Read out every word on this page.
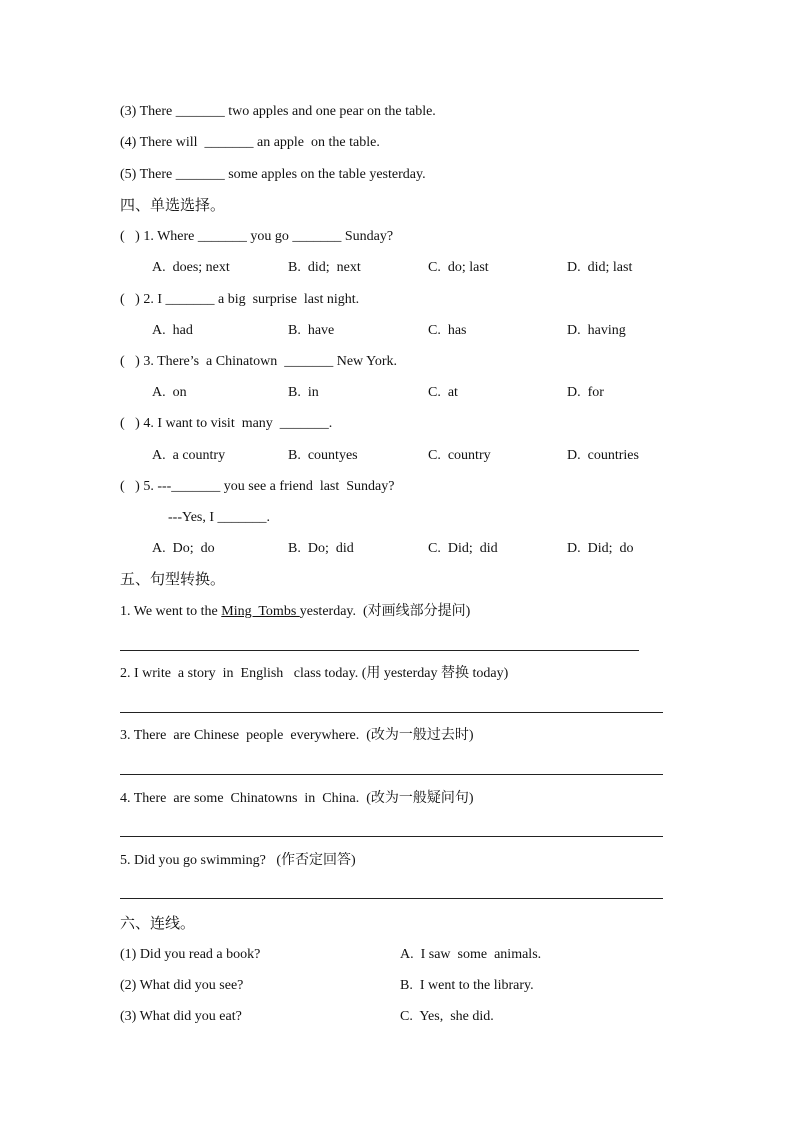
(3) There _______ two apples and one pear on the table.
(4) There will  _______ an apple  on the table.
(5) There _______ some apples on the table yesterday.
四、单选选择。
(   ) 1. Where _______ you go _______ Sunday?
A.  does; next	B.  did;  next	C.  do; last	D.  did; last
(   ) 2. I _______ a big  surprise  last night.
A.  had	B.  have	C.  has	D.  having
(   ) 3. There’s  a Chinatown  _______ New York.
A.  on	B.  in	C.  at	D.  for
(   ) 4. I want to visit  many  _______.
A.  a country	B.  countyes	C.  country	D.  countries
(   ) 5. ---_______ you see a friend  last  Sunday?
---Yes, I _______.
A.  Do;  do	B.  Do;  did	C.  Did;  did	D.  Did;  do
五、句型转换。
1. We went to the Ming  Tombs yesterday.  (对画线部分提问)
2. I write  a story  in  English   class today. (用 yesterday 替换 today)
3. There  are Chinese  people  everywhere.  (改为一般过去时)
4. There  are some  Chinatowns  in  China.  (改为一般疑问句)
5. Did you go swimming?   (作否定回答)
六、连线。
(1) Did you read a book?	A.  I saw  some  animals.
(2) What did you see?	B.  I went to the library.
(3) What did you eat?	C.  Yes,  she did.
